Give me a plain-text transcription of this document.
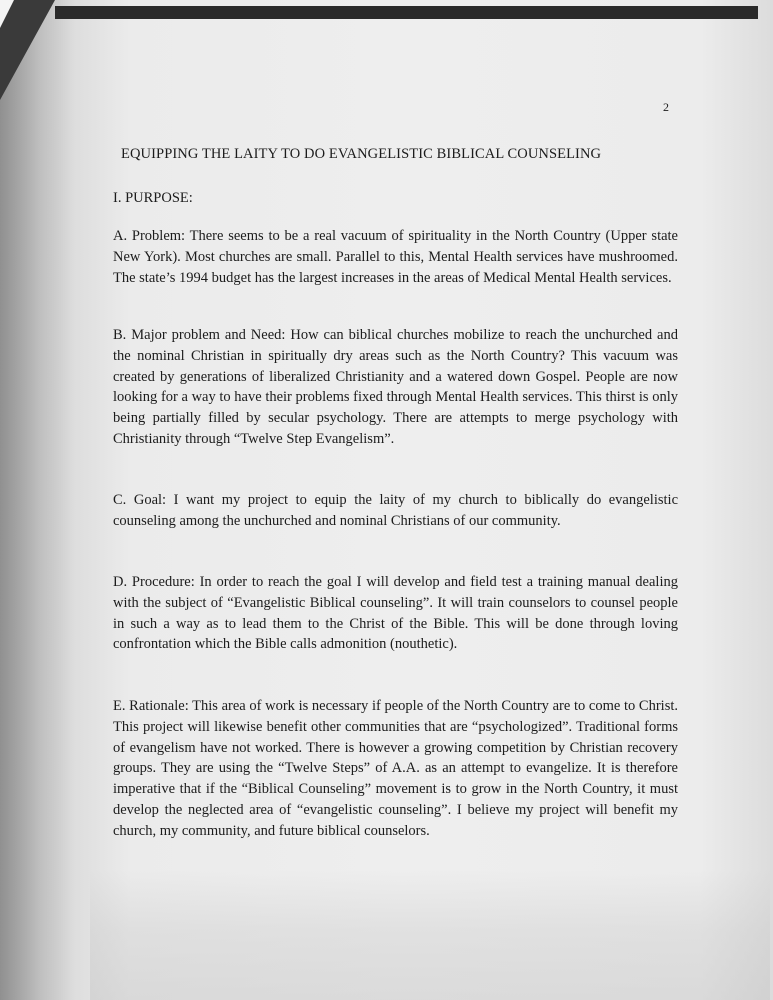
2
EQUIPPING THE LAITY TO DO EVANGELISTIC BIBLICAL COUNSELING
I. PURPOSE:

A. Problem: There seems to be a real vacuum of spirituality in the North Country (Upper state New York). Most churches are small. Parallel to this, Mental Health services have mushroomed. The state’s 1994 budget has the largest increases in the areas of Medical Mental Health services.

B. Major problem and Need: How can biblical churches mobilize to reach the unchurched and the nominal Christian in spiritually dry areas such as the North Country? This vacuum was created by generations of liberalized Christianity and a watered down Gospel. People are now looking for a way to have their problems fixed through Mental Health services. This thirst is only being partially filled by secular psychology. There are attempts to merge psychology with Christianity through “Twelve Step Evangelism”.

C. Goal: I want my project to equip the laity of my church to biblically do evangelistic counseling among the unchurched and nominal Christians of our community.

D. Procedure: In order to reach the goal I will develop and field test a training manual dealing with the subject of “Evangelistic Biblical counseling”. It will train counselors to counsel people in such a way as to lead them to the Christ of the Bible. This will be done through loving confrontation which the Bible calls admonition (nouthetic).

E. Rationale: This area of work is necessary if people of the North Country are to come to Christ. This project will likewise benefit other communities that are “psychologized”. Traditional forms of evangelism have not worked. There is however a growing competition by Christian recovery groups. They are using the “Twelve Steps” of A.A. as an attempt to evangelize. It is therefore imperative that if the “Biblical Counseling” movement is to grow in the North Country, it must develop the neglected area of “evangelistic counseling”. I believe my project will benefit my church, my community, and future biblical counselors.
